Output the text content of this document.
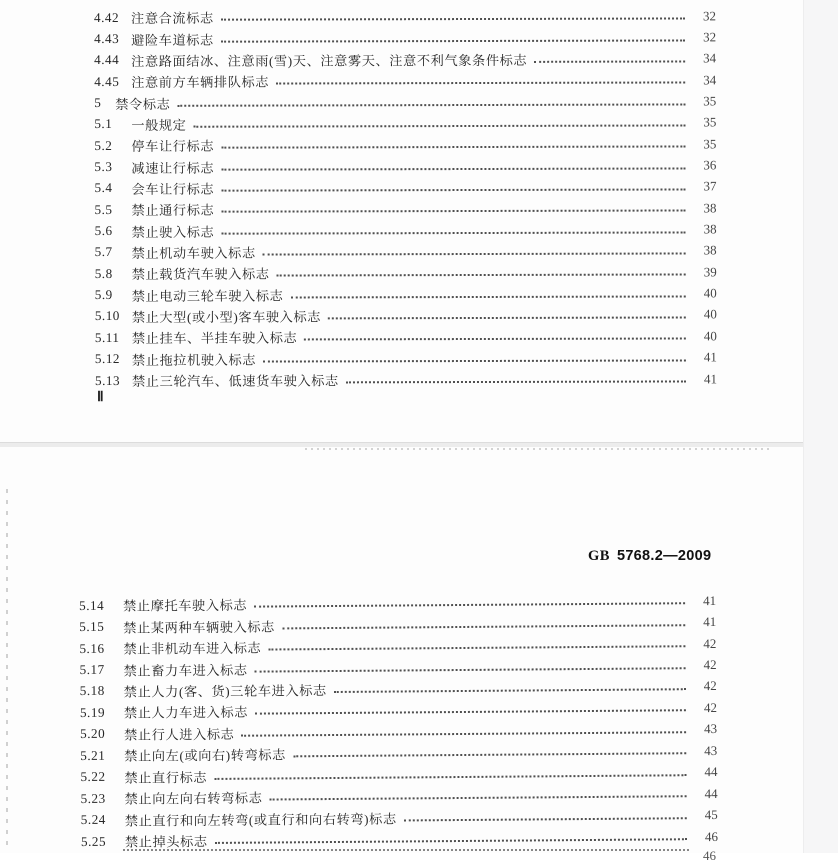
4.42 注意合流标志	32
4.43 避险车道标志	32
4.44 注意路面结冰、注意雨(雪)天、注意雾天、注意不利气象条件标志	34
4.45 注意前方车辆排队标志	34
5	禁令标志	35
5.1	一般规定	35
5.2	停车让行标志	35
5.3	减速让行标志	36
5.4	会车让行标志	37
5.5	禁止通行标志	38
5.6	禁止驶入标志	38
5.7	禁止机动车驶入标志	38
5.8	禁止载货汽车驶入标志	39
5.9	禁止电动三轮车驶入标志	40
5.10 禁止大型(或小型)客车驶入标志	40
5.11 禁止挂车、半挂车驶入标志	40
5.12 禁止拖拉机驶入标志	41
5.13 禁止三轮汽车、低速货车驶入标志	41
Ⅱ
GB 5768.2—2009
5.14	禁止摩托车驶入标志	41
5.15	禁止某两种车辆驶入标志	41
5.16	禁止非机动车进入标志	42
5.17	禁止畜力车进入标志	42
5.18	禁止人力(客、货)三轮车进入标志	42
5.19	禁止人力车进入标志	42
5.20	禁止行人进入标志	43
5.21	禁止向左(或向右)转弯标志	43
5.22	禁止直行标志	44
5.23	禁止向左向右转弯标志	44
5.24	禁止直行和向左转弯(或直行和向右转弯)标志	45
5.25	禁止掉头标志	46
46
